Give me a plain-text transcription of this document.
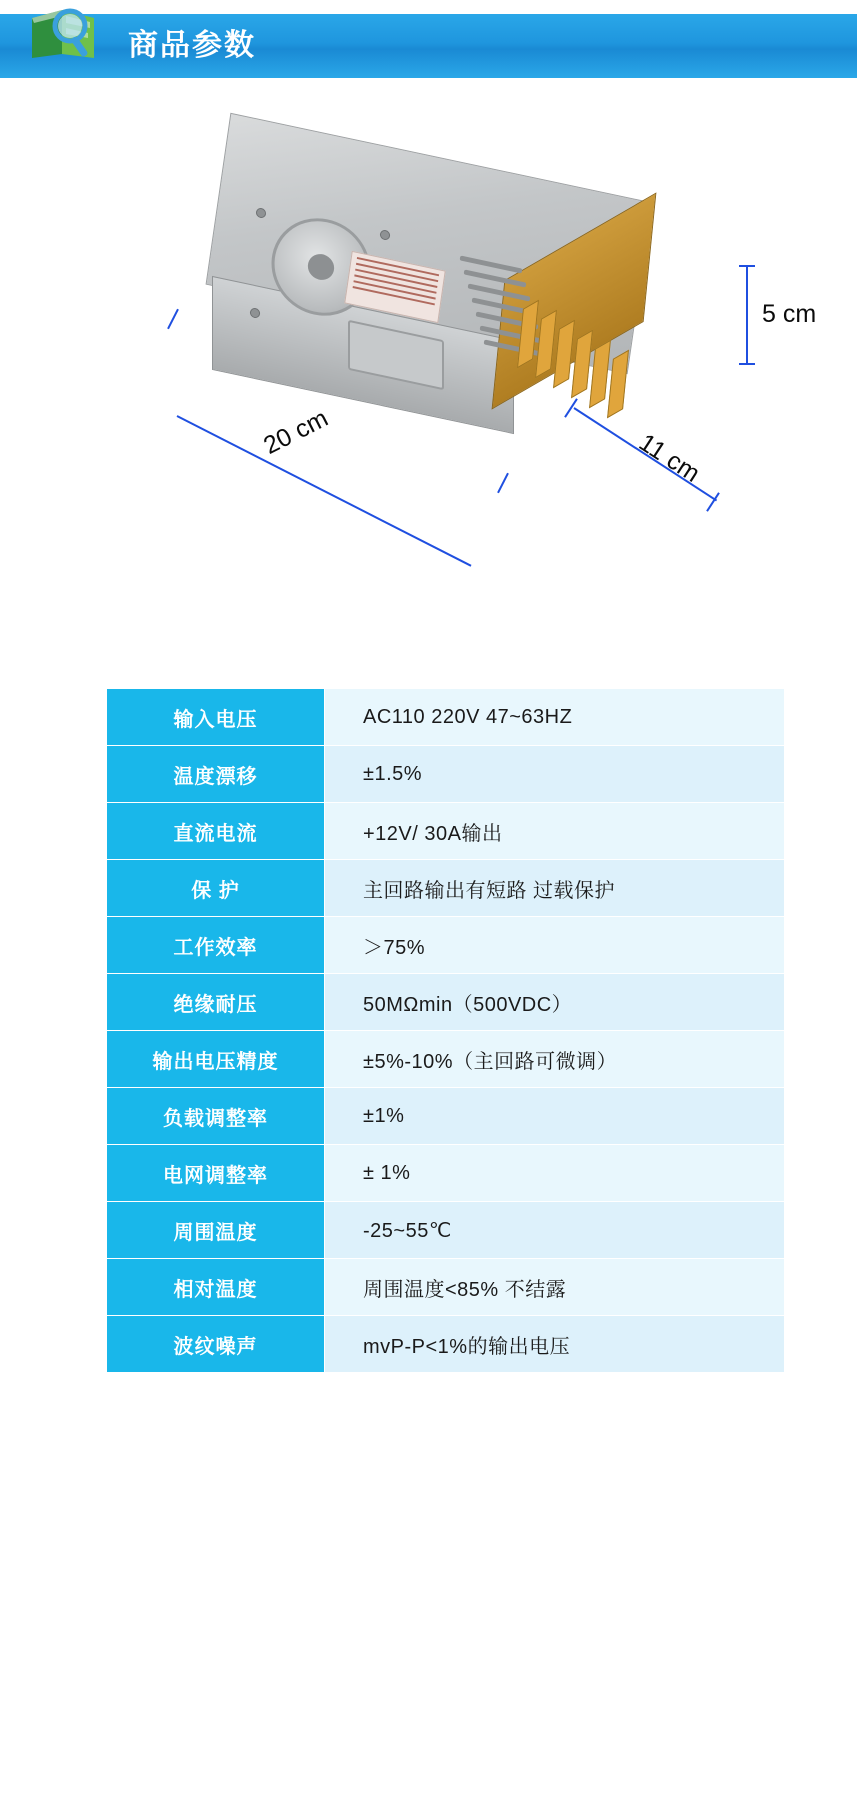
商品参数
5 cm
20 cm	11 cm
输入电压	AC110 220V 47~63HZ
温度漂移	±1.5%
直流电流	+12V/ 30A输出
保 护	主回路输出有短路 过载保护
工作效率	＞75%
绝缘耐压	50MΩmin（500VDC）
输出电压精度	±5%-10%（主回路可微调）
负载调整率	±1%
电网调整率	± 1%
周围温度	-25~55℃
相对温度	周围温度<85% 不结露
波纹噪声	mvP-P<1%的输出电压
